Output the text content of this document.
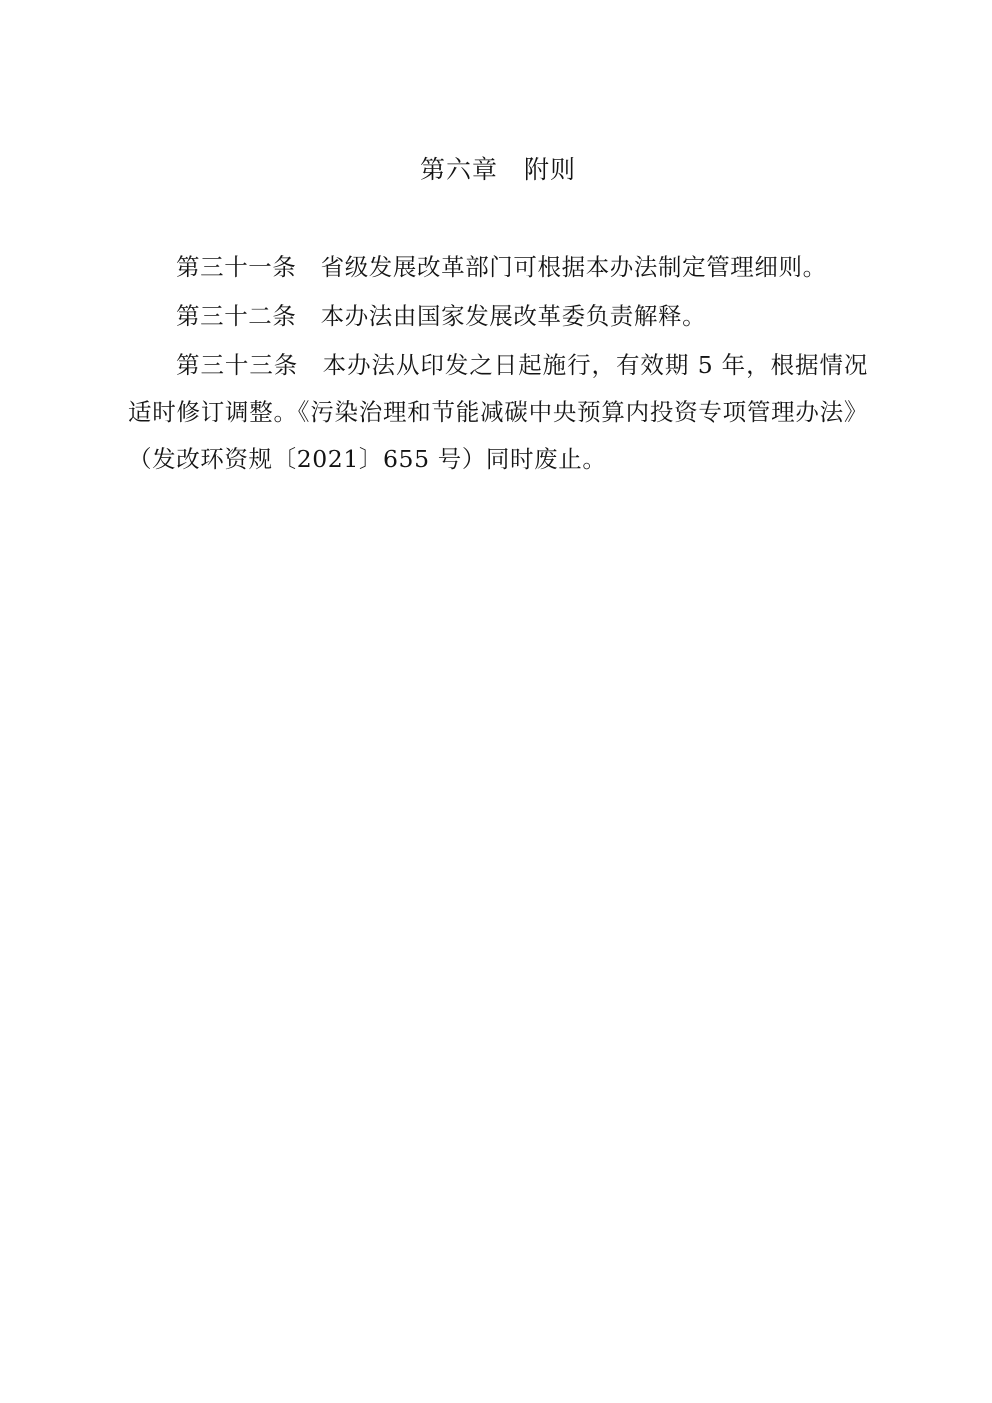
第六章 附则

第三十一条　省级发展改革部门可根据本办法制定管理细则。

第三十二条　本办法由国家发展改革委负责解释。

第三十三条　本办法从印发之日起施行，有效期 5 年，根据情况适时修订调整。《污染治理和节能减碳中央预算内投资专项管理办法》（发改环资规〔2021〕655 号）同时废止。
